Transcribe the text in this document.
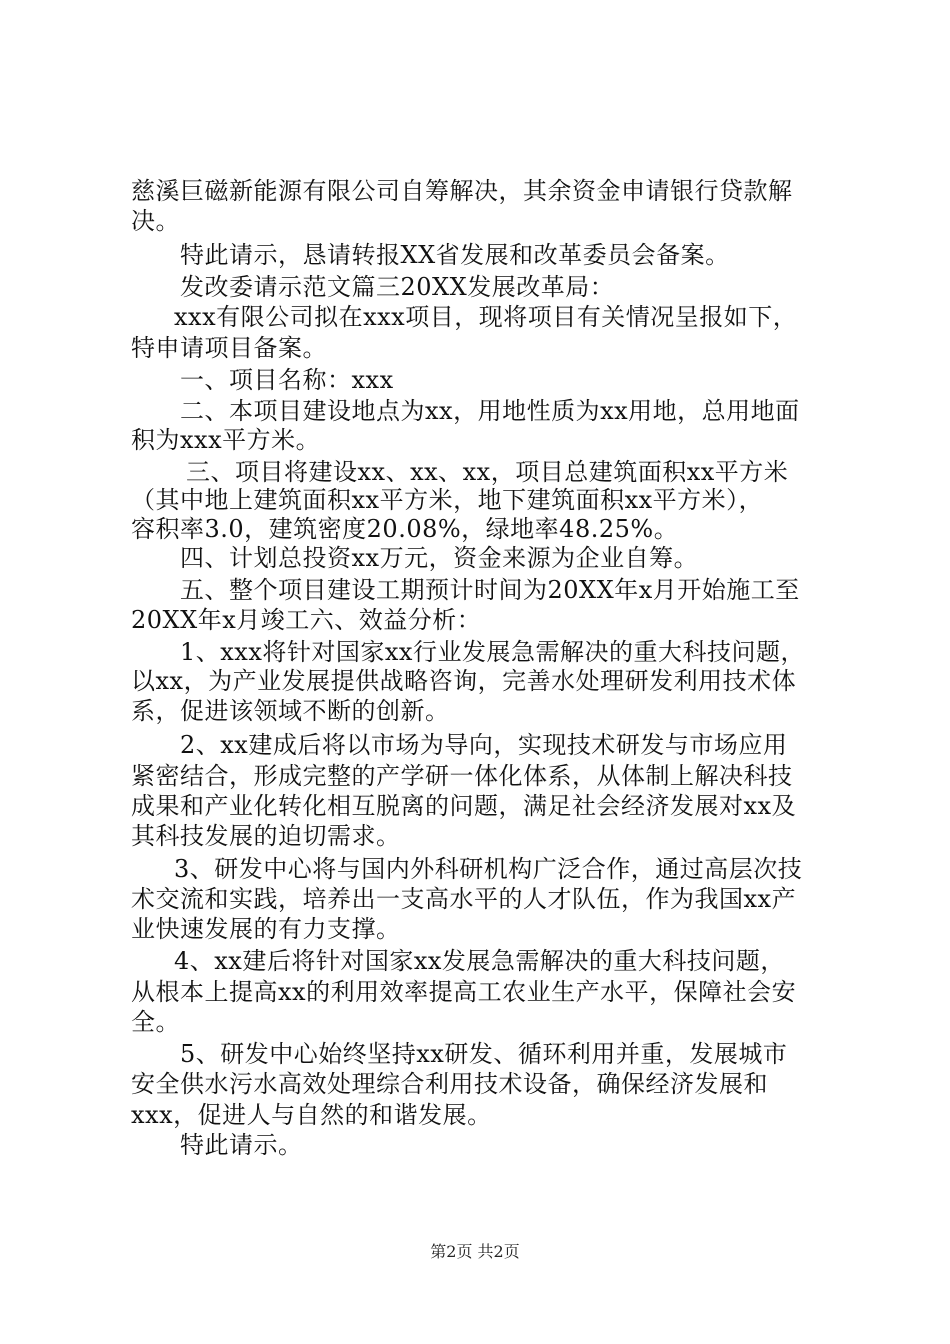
慈溪巨磁新能源有限公司自筹解决，其余资金申请银行贷款解
决。
特此请示，恳请转报XX省发展和改革委员会备案。
发改委请示范文篇三20XX发展改革局：
xxx有限公司拟在xxx项目，现将项目有关情况呈报如下，
特申请项目备案。
一、项目名称：xxx
二、本项目建设地点为xx，用地性质为xx用地，总用地面
积为xxx平方米。
三、项目将建设xx、xx、xx，项目总建筑面积xx平方米
（其中地上建筑面积xx平方米，地下建筑面积xx平方米），
容积率3.0，建筑密度20.08%，绿地率48.25%。
四、计划总投资xx万元，资金来源为企业自筹。
五、整个项目建设工期预计时间为20XX年x月开始施工至
20XX年x月竣工六、效益分析：
1、xxx将针对国家xx行业发展急需解决的重大科技问题，
以xx，为产业发展提供战略咨询，完善水处理研发利用技术体
系，促进该领域不断的创新。
2、xx建成后将以市场为导向，实现技术研发与市场应用
紧密结合，形成完整的产学研一体化体系，从体制上解决科技
成果和产业化转化相互脱离的问题，满足社会经济发展对xx及
其科技发展的迫切需求。
3、研发中心将与国内外科研机构广泛合作，通过高层次技
术交流和实践，培养出一支高水平的人才队伍，作为我国xx产
业快速发展的有力支撑。
4、xx建后将针对国家xx发展急需解决的重大科技问题，
从根本上提高xx的利用效率提高工农业生产水平，保障社会安
全。
5、研发中心始终坚持xx研发、循环利用并重，发展城市
安全供水污水高效处理综合利用技术设备，确保经济发展和
xxx，促进人与自然的和谐发展。
特此请示。
第2页 共2页
